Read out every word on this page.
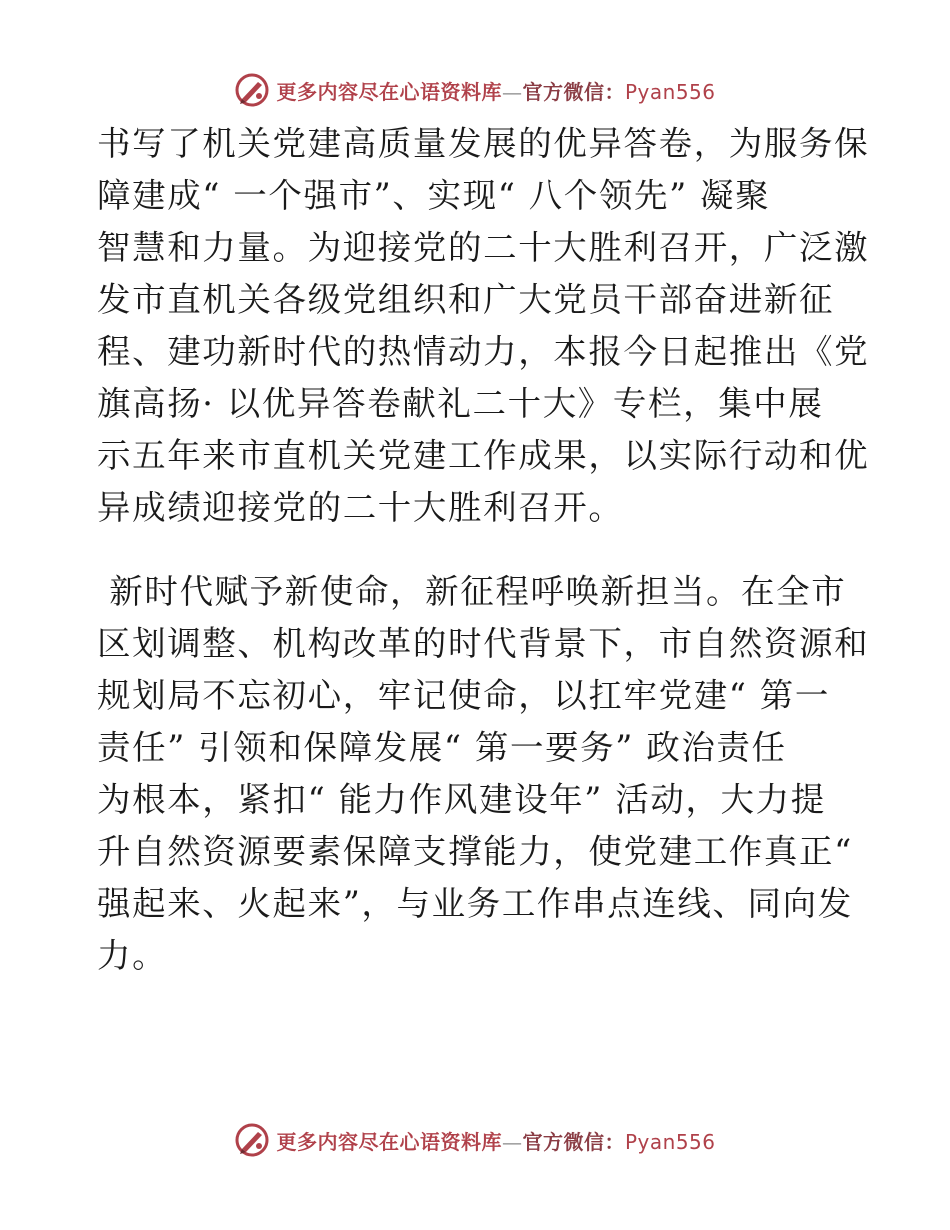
更多内容尽在心语资料库—官方微信：Pyan556
书写了机关党建高质量发展的优异答卷，为服务保
障建成“ 一个强市”、实现“ 八个领先” 凝聚
智慧和力量。为迎接党的二十大胜利召开，广泛激
发市直机关各级党组织和广大党员干部奋进新征
程、建功新时代的热情动力，本报今日起推出《党
旗高扬· 以优异答卷献礼二十大》专栏，集中展
示五年来市直机关党建工作成果，以实际行动和优
异成绩迎接党的二十大胜利召开。
新时代赋予新使命，新征程呼唤新担当。在全市
区划调整、机构改革的时代背景下，市自然资源和
规划局不忘初心，牢记使命，以扛牢党建“ 第一
责任” 引领和保障发展“ 第一要务” 政治责任
为根本，紧扣“ 能力作风建设年” 活动，大力提
升自然资源要素保障支撑能力，使党建工作真正“
强起来、火起来”，与业务工作串点连线、同向发
力。
更多内容尽在心语资料库—官方微信：Pyan556
